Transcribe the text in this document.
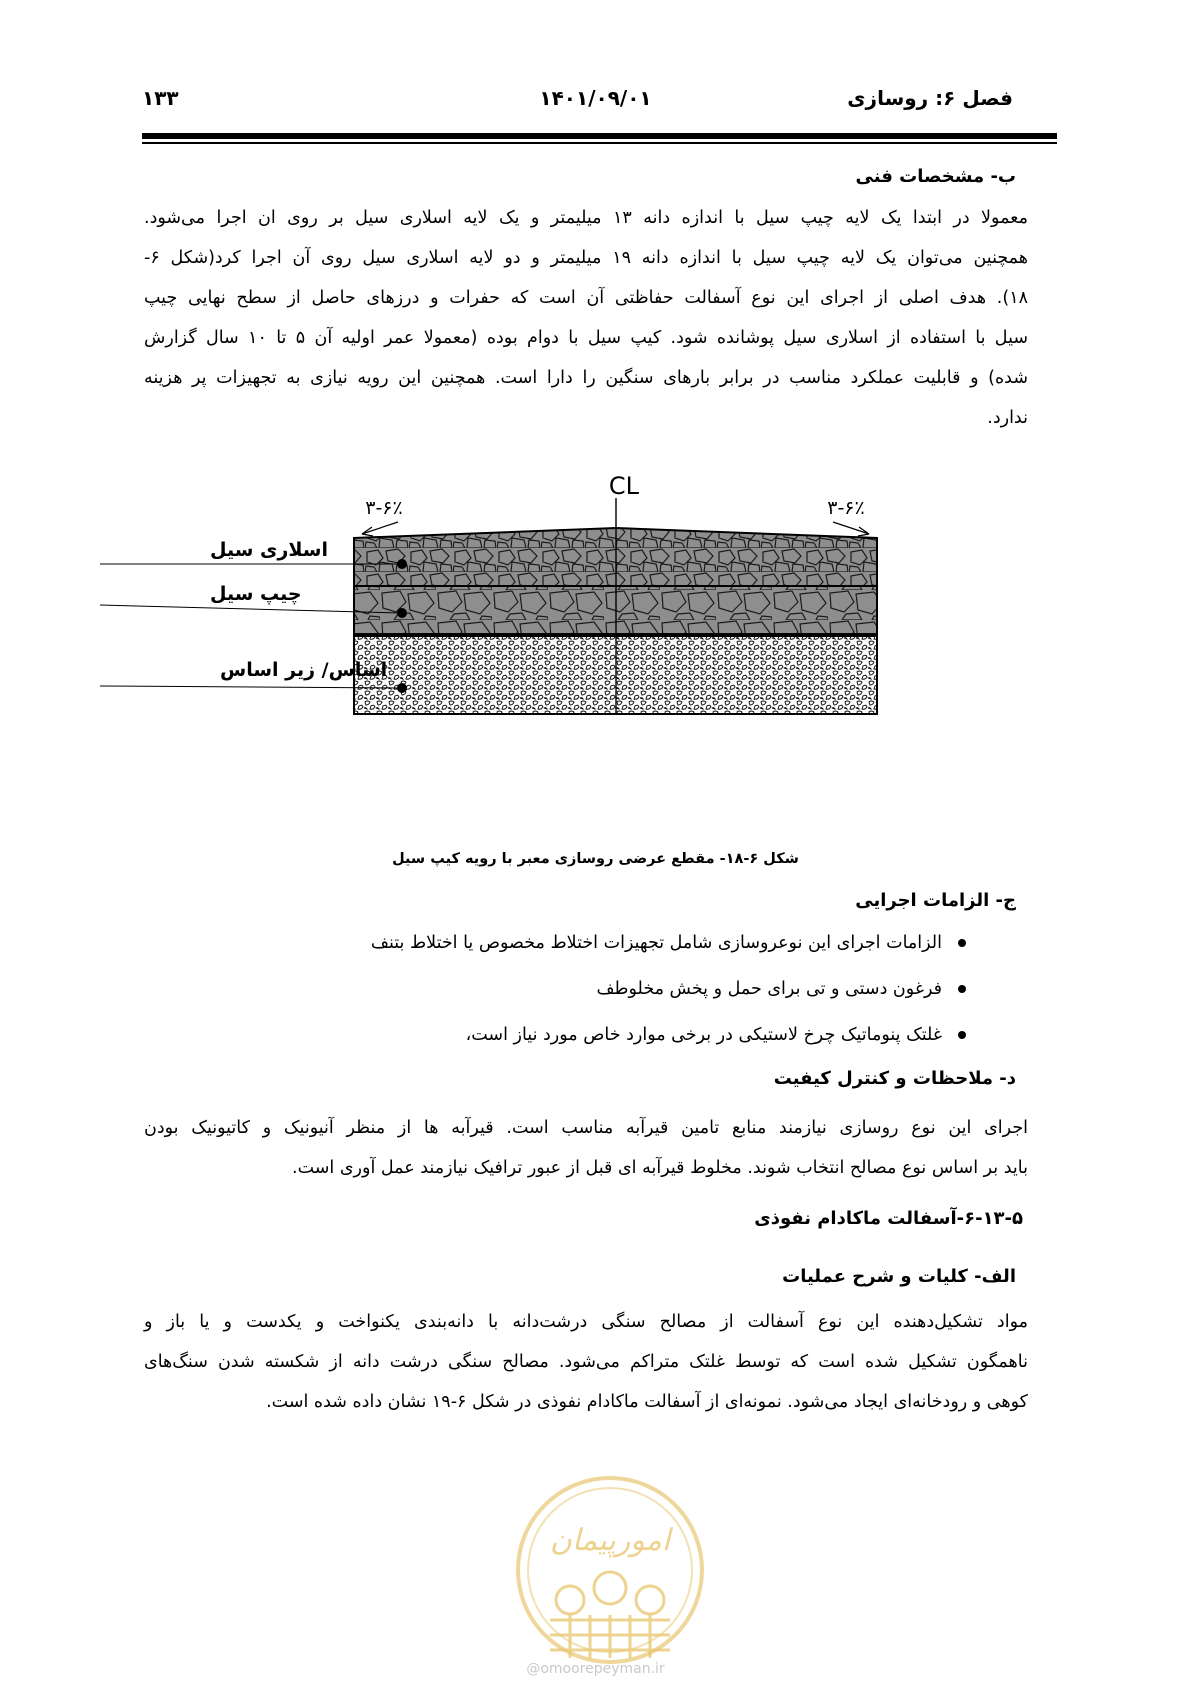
فصل ۶: روسازی
۱۴۰۱/۰۹/۰۱
۱۳۳
ب- مشخصات فنی
معمولا در ابتدا یک لایه چیپ سیل با اندازه دانه ۱۳ میلیمتر و یک لایه اسلاری سیل بر روی ان اجرا می‌شود.
همچنین می‌توان یک لایه چیپ سیل با اندازه دانه ۱۹ میلیمتر و دو لایه اسلاری سیل روی آن اجرا کرد(شکل ۶-
۱۸). هدف اصلی از اجرای این نوع آسفالت حفاظتی آن است که حفرات و درزهای حاصل از سطح نهایی چیپ
سیل با استفاده از اسلاری سیل پوشانده شود. کیپ سیل با دوام بوده (معمولا عمر اولیه آن ۵ تا ۱۰ سال گزارش
شده) و قابلیت عملکرد مناسب در برابر بارهای سنگین را دارا است. همچنین این رویه نیازی به تجهیزات پر هزینه
ندارد.
CL
۳-۶٪	۳-۶٪
اسلاری سیل
چیپ سیل
اساس/ زیر اساس
شکل ۶-۱۸- مقطع عرضی روسازی معبر با رویه کیپ سیل
ج- الزامات اجرایی
الزامات اجرای این نوعروسازی شامل تجهیزات اختلاط مخصوص یا اختلاط بتنف
فرغون دستی و تی برای حمل و پخش مخلوطف
غلتک پنوماتیک چرخ لاستیکی در برخی موارد خاص مورد نیاز است،
د- ملاحظات و کنترل کیفیت
اجرای این نوع روسازی نیازمند منابع تامین قیرآبه مناسب است. قیرآبه ها از منظر آنیونیک و کاتیونیک بودن
باید بر اساس نوع مصالح انتخاب شوند. مخلوط قیرآبه ای قبل از عبور ترافیک نیازمند عمل آوری است.
۶-۱۳-۵-آسفالت ماکادام نفوذی
الف- کلیات و شرح عملیات
مواد تشکیل‌دهنده این نوع آسفالت از مصالح سنگی درشت‌دانه با دانه‌بندی یکنواخت و یکدست و یا باز و
ناهمگون تشکیل شده است که توسط غلتک متراکم می‌شود. مصالح سنگی درشت دانه از شکسته شدن سنگ‌های
کوهی و رودخانه‌ای ایجاد می‌شود. نمونه‌ای از آسفالت ماکادام نفوذی در شکل ۶-۱۹ نشان داده شده است.
امورپیمان
@omoorepeyman.ir
